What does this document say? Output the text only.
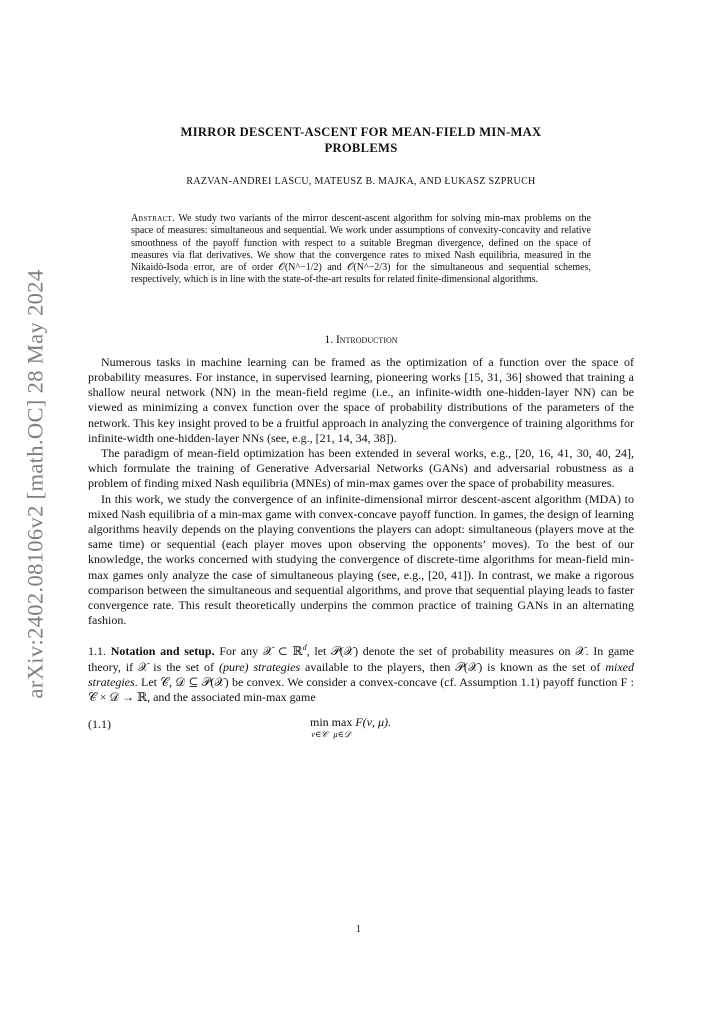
arXiv:2402.08106v2 [math.OC] 28 May 2024
MIRROR DESCENT-ASCENT FOR MEAN-FIELD MIN-MAX
PROBLEMS
RAZVAN-ANDREI LASCU, MATEUSZ B. MAJKA, AND ŁUKASZ SZPRUCH
Abstract. We study two variants of the mirror descent-ascent algorithm for solving min-max problems on the space of measures: simultaneous and sequential. We work under assumptions of convexity-concavity and relative smoothness of the payoff function with respect to a suitable Bregman divergence, defined on the space of measures via flat derivatives. We show that the convergence rates to mixed Nash equilibria, measured in the Nikaidò-Isoda error, are of order 𝒪(N^−1/2) and 𝒪(N^−2/3) for the simultaneous and sequential schemes, respectively, which is in line with the state-of-the-art results for related finite-dimensional algorithms.
1. Introduction

Numerous tasks in machine learning can be framed as the optimization of a function over the space of probability measures. For instance, in supervised learning, pioneering works [15, 31, 36] showed that training a shallow neural network (NN) in the mean-field regime (i.e., an infinite-width one-hidden-layer NN) can be viewed as minimizing a convex function over the space of probability distributions of the parameters of the network. This key insight proved to be a fruitful approach in analyzing the convergence of training algorithms for infinite-width one-hidden-layer NNs (see, e.g., [21, 14, 34, 38]).

The paradigm of mean-field optimization has been extended in several works, e.g., [20, 16, 41, 30, 40, 24], which formulate the training of Generative Adversarial Networks (GANs) and adversarial robustness as a problem of finding mixed Nash equilibria (MNEs) of min-max games over the space of probability measures.

In this work, we study the convergence of an infinite-dimensional mirror descent-ascent algorithm (MDA) to mixed Nash equilibria of a min-max game with convex-concave payoff function. In games, the design of learning algorithms heavily depends on the playing conventions the players can adopt: simultaneous (players move at the same time) or sequential (each player moves upon observing the opponents’ moves). To the best of our knowledge, the works concerned with studying the convergence of discrete-time algorithms for mean-field min-max games only analyze the case of simultaneous playing (see, e.g., [20, 41]). In contrast, we make a rigorous comparison between the simultaneous and sequential algorithms, and prove that sequential playing leads to faster convergence rate. This result theoretically underpins the common practice of training GANs in an alternating fashion.

1.1. Notation and setup. For any 𝒳 ⊂ ℝ$^d$, let 𝒫(𝒳) denote the set of probability measures on 𝒳. In game theory, if 𝒳 is the set of (pure) strategies available to the players, then 𝒫(𝒳) is known as the set of mixed strategies. Let 𝒞, 𝒟 ⊆ 𝒫(𝒳) be convex. We consider a convex-concave (cf. Assumption 1.1) payoff function F : 𝒞 × 𝒟 → ℝ, and the associated min-max game

(1.1)	min
ν∈𝒞
max
μ∈𝒟
F(ν, μ).
1
